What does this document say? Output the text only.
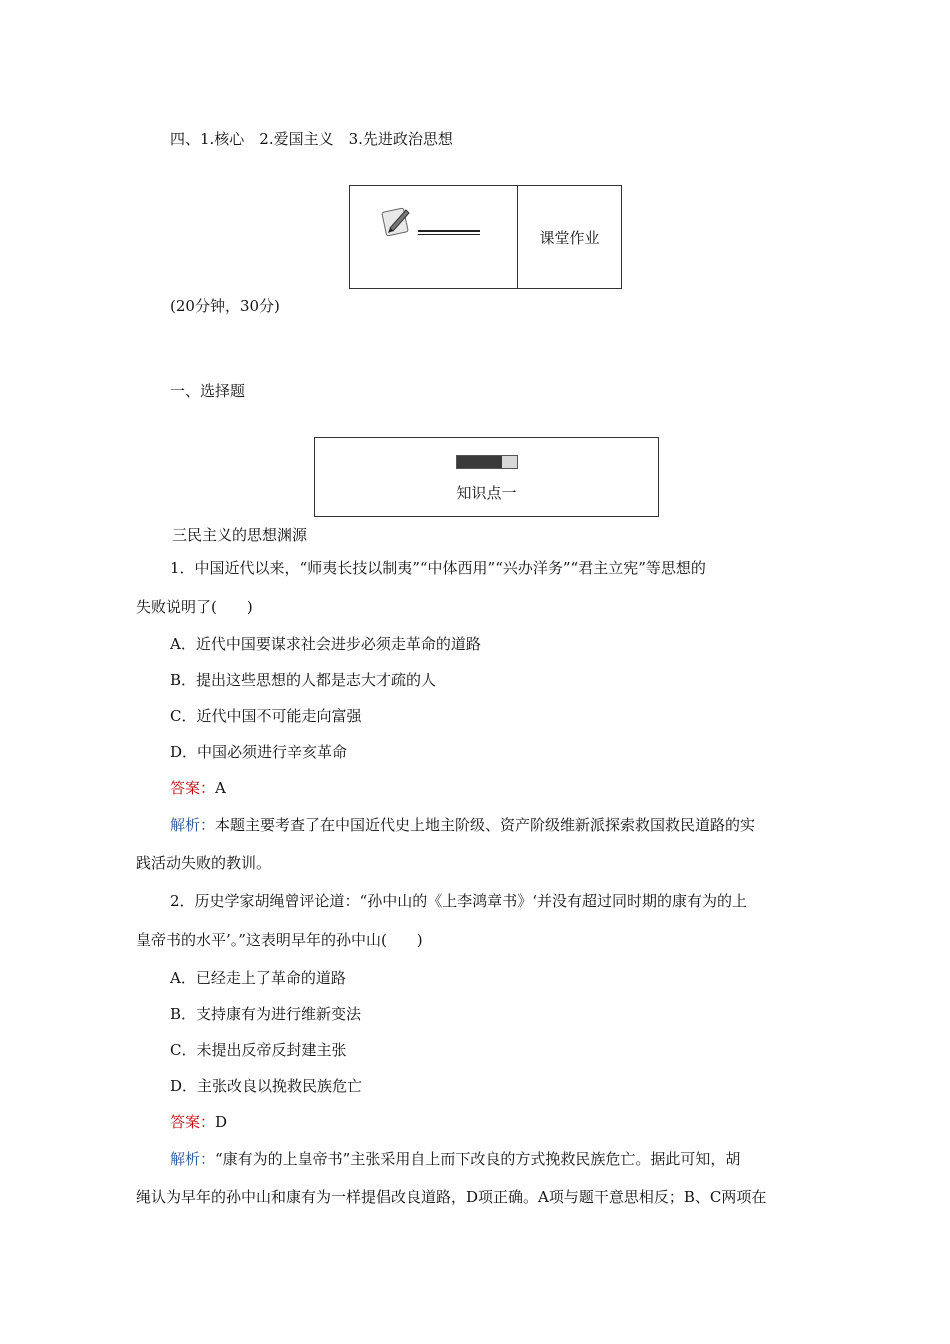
四、1.核心　2.爱国主义　3.先进政治思想
课堂作业
(20分钟，30分)
一、选择题
知识点一
三民主义的思想渊源
1．中国近代以来，“师夷长技以制夷”“中体西用”“兴办洋务”“君主立宪”等思想的
失败说明了(　　)
A．近代中国要谋求社会进步必须走革命的道路
B．提出这些思想的人都是志大才疏的人
C．近代中国不可能走向富强
D．中国必须进行辛亥革命
答案：A
解析：本题主要考查了在中国近代史上地主阶级、资产阶级维新派探索救国救民道路的实
践活动失败的教训。
2．历史学家胡绳曾评论道：“孙中山的《上李鸿章书》‘并没有超过同时期的康有为的上
皇帝书的水平’。”这表明早年的孙中山(　　)
A．已经走上了革命的道路
B．支持康有为进行维新变法
C．未提出反帝反封建主张
D．主张改良以挽救民族危亡
答案：D
解析：“康有为的上皇帝书”主张采用自上而下改良的方式挽救民族危亡。据此可知，胡
绳认为早年的孙中山和康有为一样提倡改良道路，D项正确。A项与题干意思相反；B、C两项在
